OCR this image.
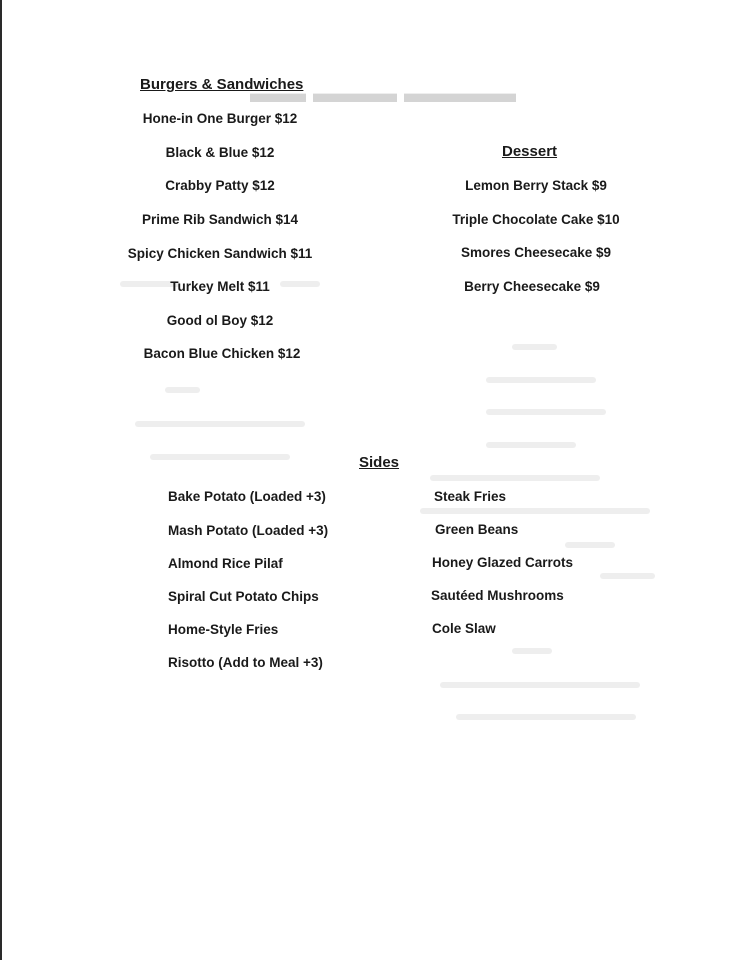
▬▬▬▬ ▬▬▬ ▬▬
Burgers & Sandwiches
Hone-in One Burger $12
Black & Blue $12
Crabby Patty $12
Prime Rib Sandwich $14
Spicy Chicken Sandwich $11
Turkey Melt $11
Good ol Boy $12
Bacon Blue Chicken $12
Dessert
Lemon Berry Stack $9
Triple Chocolate Cake $10
Smores Cheesecake $9
Berry Cheesecake $9
Sides
Bake Potato (Loaded +3)
Mash Potato (Loaded +3)
Almond Rice Pilaf
Spiral Cut Potato Chips
Home-Style Fries
Risotto (Add to Meal +3)
Steak Fries
Green Beans
Honey Glazed Carrots
Sautéed Mushrooms
Cole Slaw
